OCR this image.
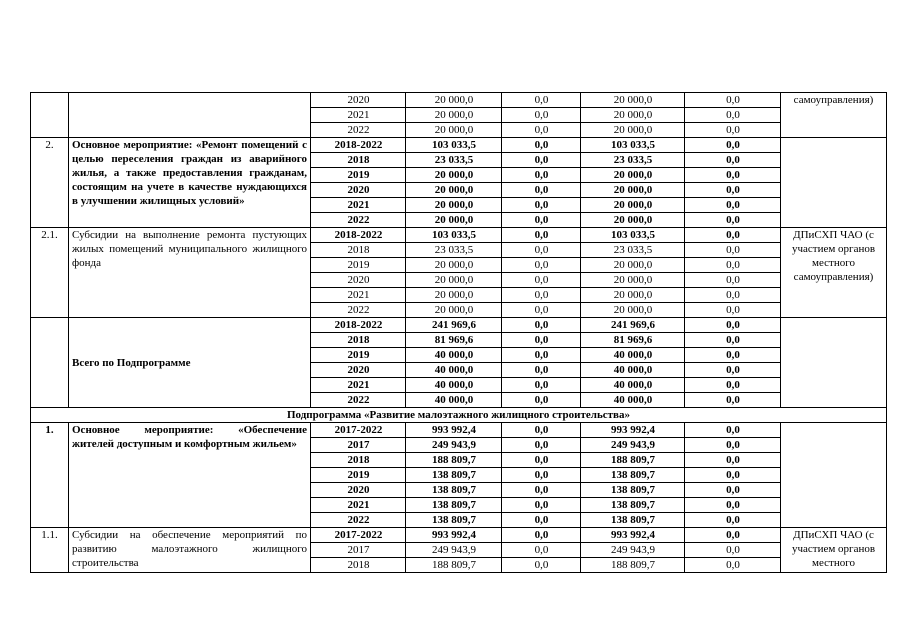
		2020	20 000,0	0,0	20 000,0	0,0	самоуправления)
		2021	20 000,0	0,0	20 000,0	0,0	
		2022	20 000,0	0,0	20 000,0	0,0	
2.	Основное мероприятие: «Ремонт помещений с целью переселения граждан из аварийного жилья, а также предоставления гражданам, состоящим на учете в качестве нуждающихся в улучшении жилищных условий»	2018-2022	103 033,5	0,0	103 033,5	0,0	
		2018	23 033,5	0,0	23 033,5	0,0	
		2019	20 000,0	0,0	20 000,0	0,0	
		2020	20 000,0	0,0	20 000,0	0,0	
		2021	20 000,0	0,0	20 000,0	0,0	
		2022	20 000,0	0,0	20 000,0	0,0	
2.1.	Субсидии на выполнение ремонта пустующих жилых помещений муниципального жилищного фонда	2018-2022	103 033,5	0,0	103 033,5	0,0	ДПиСХП ЧАО (с участием органов местного самоуправления)
		2018	23 033,5	0,0	23 033,5	0,0	
		2019	20 000,0	0,0	20 000,0	0,0	
		2020	20 000,0	0,0	20 000,0	0,0	
		2021	20 000,0	0,0	20 000,0	0,0	
		2022	20 000,0	0,0	20 000,0	0,0	
	Всего по Подпрограмме	2018-2022	241 969,6	0,0	241 969,6	0,0	
		2018	81 969,6	0,0	81 969,6	0,0	
		2019	40 000,0	0,0	40 000,0	0,0	
		2020	40 000,0	0,0	40 000,0	0,0	
		2021	40 000,0	0,0	40 000,0	0,0	
		2022	40 000,0	0,0	40 000,0	0,0	
Подпрограмма «Развитие малоэтажного жилищного строительства»							
1.	Основное мероприятие: «Обеспечение жителей доступным и комфортным жильем»	2017-2022	993 992,4	0,0	993 992,4	0,0	
		2017	249 943,9	0,0	249 943,9	0,0	
		2018	188 809,7	0,0	188 809,7	0,0	
		2019	138 809,7	0,0	138 809,7	0,0	
		2020	138 809,7	0,0	138 809,7	0,0	
		2021	138 809,7	0,0	138 809,7	0,0	
		2022	138 809,7	0,0	138 809,7	0,0	
1.1.	Субсидии на обеспечение мероприятий по развитию малоэтажного жилищного строительства	2017-2022	993 992,4	0,0	993 992,4	0,0	ДПиСХП ЧАО (с участием органов местного
		2017	249 943,9	0,0	249 943,9	0,0	
		2018	188 809,7	0,0	188 809,7	0,0	
